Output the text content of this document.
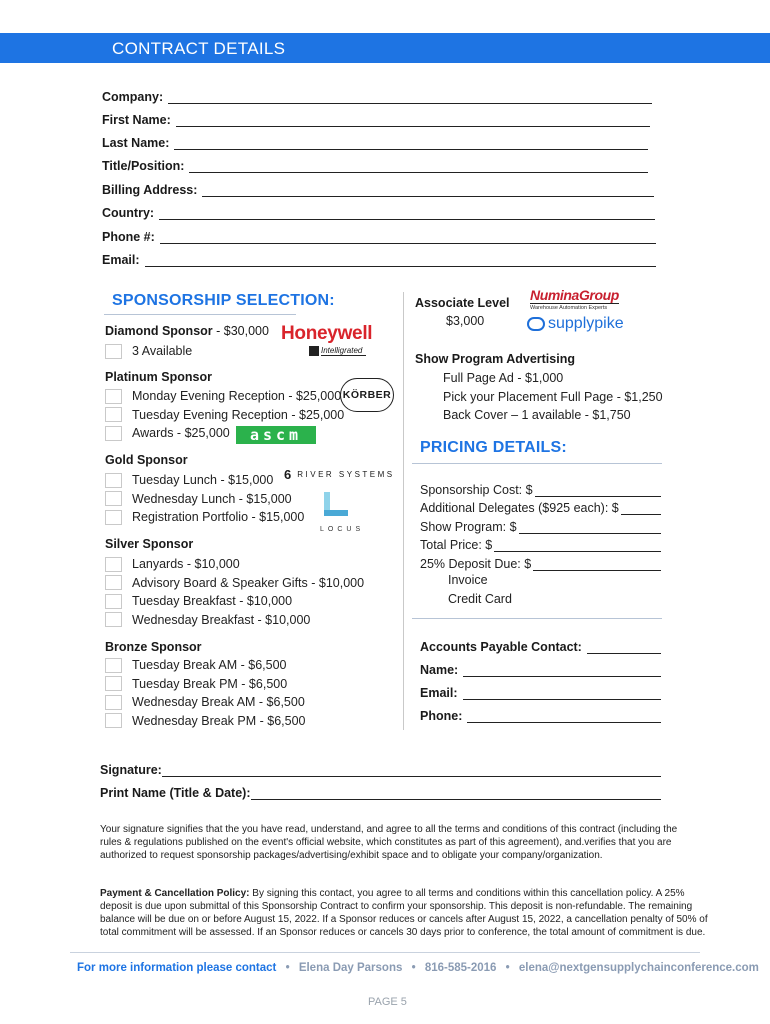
CONTRACT DETAILS
Company:
First Name:
Last Name:
Title/Position:
Billing Address:
Country:
Phone #:
Email:
SPONSORSHIP SELECTION:
Diamond Sponsor - $30,000
3 Available
Honeywell
Intelligrated
Platinum Sponsor
Monday Evening Reception - $25,000
Tuesday Evening Reception - $25,000
Awards - $25,000
KÖRBER
ascm
Gold Sponsor
Tuesday Lunch - $15,000
Wednesday Lunch - $15,000
Registration Portfolio - $15,000
6 RIVER SYSTEMS
LOCUS
Silver Sponsor
Lanyards - $10,000
Advisory Board & Speaker Gifts - $10,000
Tuesday Breakfast - $10,000
Wednesday Breakfast - $10,000
Bronze Sponsor
Tuesday Break AM - $6,500
Tuesday Break PM - $6,500
Wednesday Break AM - $6,500
Wednesday Break PM - $6,500
Associate Level
$3,000
NuminaGroup
Warehouse Automation Experts
supplypike
Show Program Advertising
Full Page Ad - $1,000
Pick your Placement Full Page - $1,250
Back Cover – 1 available - $1,750
PRICING DETAILS:
Sponsorship Cost: $
Additional Delegates ($925 each): $
Show Program: $
Total Price: $
25% Deposit Due: $
Invoice
Credit Card
Accounts Payable Contact:
Name:
Email:
Phone:
Signature:
Print Name (Title & Date):
Your signature signifies that the you have read, understand, and agree to all the terms and conditions of this contract (including the rules & regulations published on the event's official website, which constitutes as part of this agreement), and.verifies that you are authorized to request sponsorship packages/advertising/exhibit space and to obligate your company/organization.
Payment & Cancellation Policy: By signing this contact, you agree to all terms and conditions within this cancellation policy. A 25% deposit is due upon submittal of this Sponsorship Contract to confirm your sponsorship. This deposit is non-refundable. The remaining balance will be due on or before August 15, 2022. If a Sponsor reduces or cancels after August 15, 2022, a cancellation penalty of 50% of total commitment will be assessed. If an Sponsor reduces or cancels 30 days prior to conference, the total amount of commitment is due.
For more information please contact • Elena Day Parsons • 816-585-2016 • elena@nextgensupplychainconference.com
PAGE 5
